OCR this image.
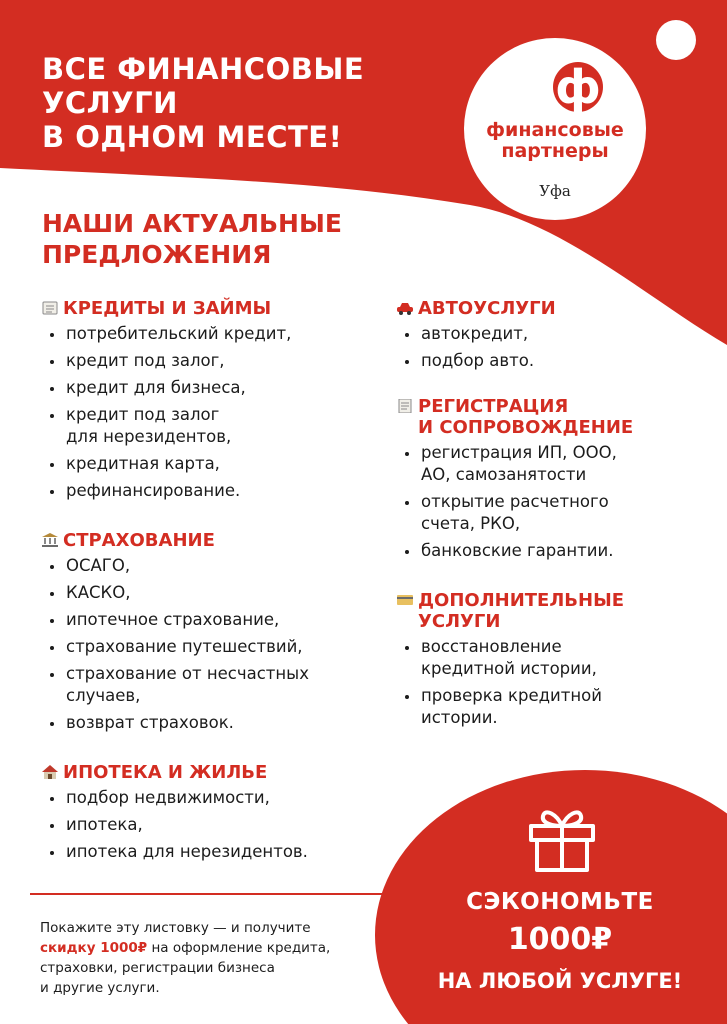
ВСЕ ФИНАНСОВЫЕ
УСЛУГИ
В ОДНОМ МЕСТЕ!
ф
финансовые
партнеры
Уфа
НАШИ АКТУАЛЬНЫЕ
ПРЕДЛОЖЕНИЯ
КРЕДИТЫ И ЗАЙМЫ
потребительский кредит,
кредит под залог,
кредит для бизнеса,
кредит под залог
для нерезидентов,
кредитная карта,
рефинансирование.
СТРАХОВАНИЕ
ОСАГО,
КАСКО,
ипотечное страхование,
страхование путешествий,
страхование от несчастных
случаев,
возврат страховок.
ИПОТЕКА И ЖИЛЬЕ
подбор недвижимости,
ипотека,
ипотека для нерезидентов.
АВТОУСЛУГИ
автокредит,
подбор авто.
РЕГИСТРАЦИЯ
И СОПРОВОЖДЕНИЕ
регистрация ИП, ООО,
АО, самозанятости
открытие расчетного
счета, РКО,
банковские гарантии.
ДОПОЛНИТЕЛЬНЫЕ
УСЛУГИ
восстановление
кредитной истории,
проверка кредитной
истории.
Покажите эту листовку — и получите
скидку 1000₽ на оформление кредита,
страховки, регистрации бизнеса
и другие услуги.
СЭКОНОМЬТЕ
1000₽
НА ЛЮБОЙ УСЛУГЕ!
